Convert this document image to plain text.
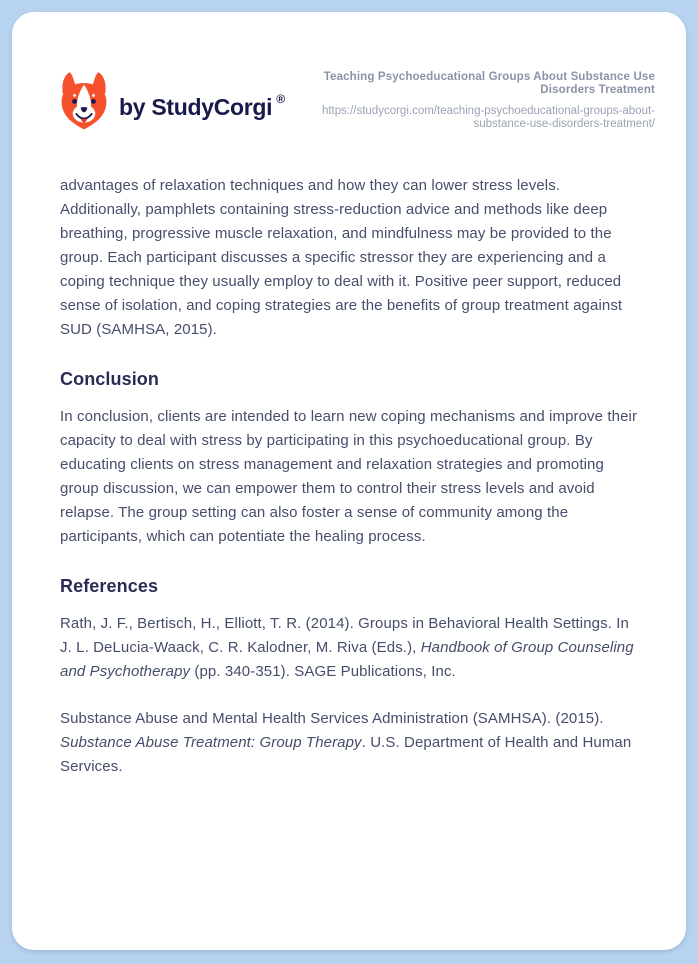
by StudyCorgi ®
Teaching Psychoeducational Groups About Substance Use Disorders Treatment
https://studycorgi.com/teaching-psychoeducational-groups-about-substance-use-disorders-treatment/

advantages of relaxation techniques and how they can lower stress levels. Additionally, pamphlets containing stress-reduction advice and methods like deep breathing, progressive muscle relaxation, and mindfulness may be provided to the group. Each participant discusses a specific stressor they are experiencing and a coping technique they usually employ to deal with it. Positive peer support, reduced sense of isolation, and coping strategies are the benefits of group treatment against SUD (SAMHSA, 2015).

Conclusion

In conclusion, clients are intended to learn new coping mechanisms and improve their capacity to deal with stress by participating in this psychoeducational group. By educating clients on stress management and relaxation strategies and promoting group discussion, we can empower them to control their stress levels and avoid relapse. The group setting can also foster a sense of community among the participants, which can potentiate the healing process.

References

Rath, J. F., Bertisch, H., Elliott, T. R. (2014). Groups in Behavioral Health Settings. In J. L. DeLucia-Waack, C. R. Kalodner, M. Riva (Eds.), Handbook of Group Counseling and Psychotherapy (pp. 340-351). SAGE Publications, Inc.

Substance Abuse and Mental Health Services Administration (SAMHSA). (2015). Substance Abuse Treatment: Group Therapy. U.S. Department of Health and Human Services.
